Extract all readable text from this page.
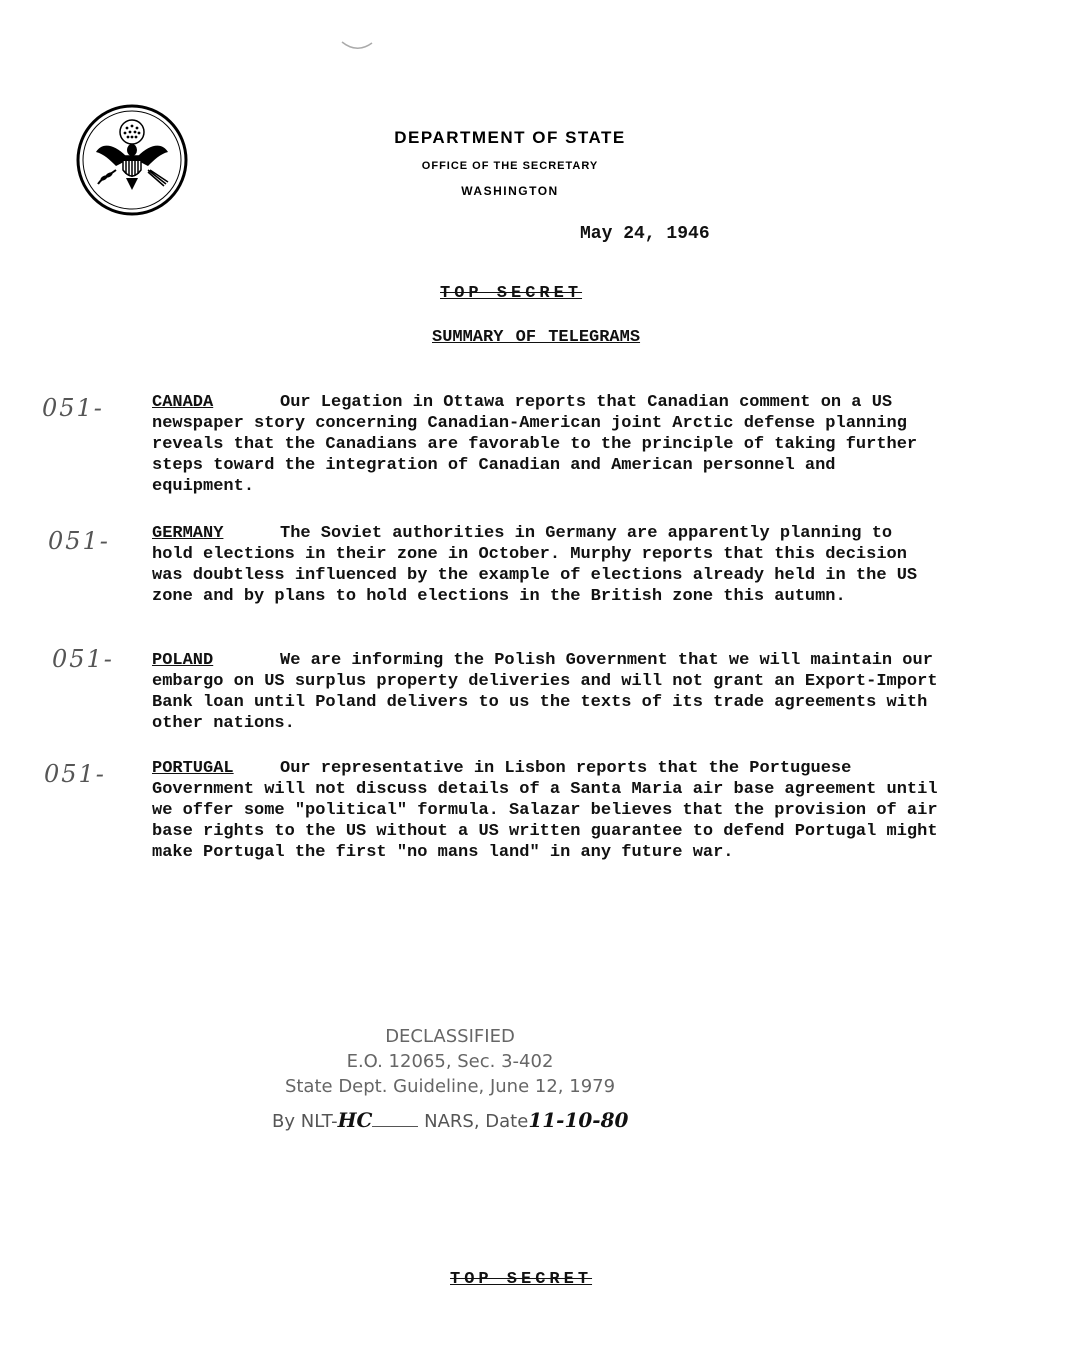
DEPARTMENT OF STATE
OFFICE OF THE SECRETARY
WASHINGTON
May 24, 1946
TOP SECRET
SUMMARY OF TELEGRAMS
051-	CANADA	Our Legation in Ottawa reports that Canadian comment on a US newspaper story concerning Canadian-American joint Arctic defense planning reveals that the Canadians are favorable to the principle of taking further steps toward the integration of Canadian and American personnel and equipment.

051- GERMANY	The Soviet authorities in Germany are apparently planning to hold elections in their zone in October. Murphy reports that this decision was doubtless influenced by the example of elections already held in the US zone and by plans to hold elections in the British zone this autumn.

051- POLAND	We are informing the Polish Government that we will maintain our embargo on US surplus property deliveries and will not grant an Export-Import Bank loan until Poland delivers to us the texts of its trade agreements with other nations.

051-	PORTUGAL	Our representative in Lisbon reports that the Portuguese Government will not discuss details of a Santa Maria air base agreement until we offer some "political" formula. Salazar believes that the provision of air base rights to the US without a US written guarantee to defend Portugal might make Portugal the first "no mans land" in any future war.

DECLASSIFIED
E.O. 12065, Sec. 3-402
State Dept. Guideline, June 12, 1979
By NLT-HC	NARS, Date11-10-80
TOP SECRET
